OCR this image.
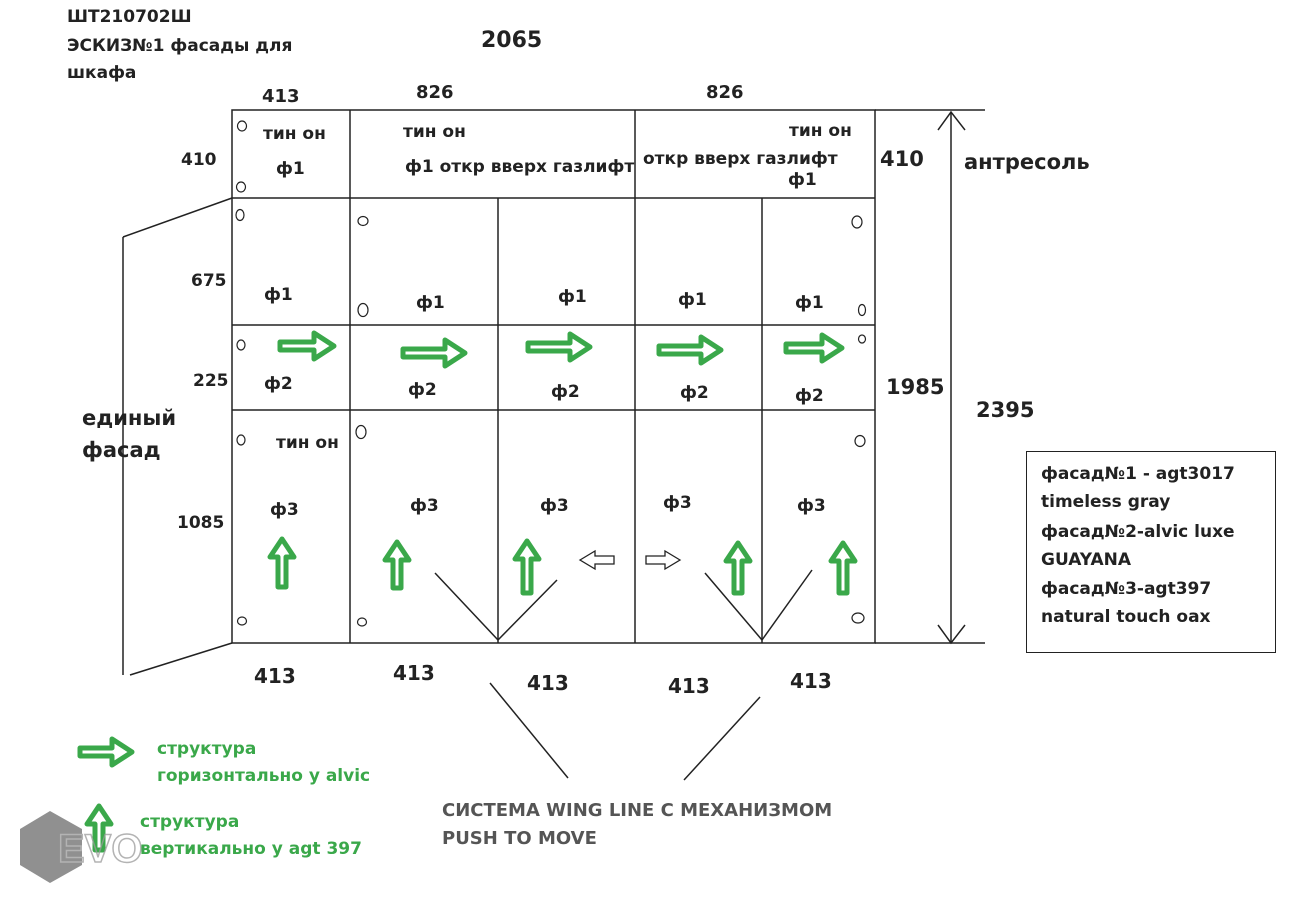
EVO
ШТ210702Ш
ЭСКИЗ№1 фасады для
шкафа
2065
413	826	826
410
675
225
1085
410 антресоль
1985
2395
единый
фасад
тин он
ф1
тин он
ф1 откр вверх газлифт
тин он
откр вверх газлифт
ф1
ф1	ф1	ф1	ф1	ф1
ф2	ф2	ф2	ф2	ф2
тин он
ф3	ф3	ф3	ф3	ф3
413	413	413	413	413
фасад№1 - agt3017
timeless gray
фасад№2-alvic luxe
GUAYANA
фасад№3-agt397
natural touch oax
структура
горизонтально у alvic
структура
вертикально у agt 397
СИСТЕМА WING LINE С МЕХАНИЗМОМ
PUSH TO MOVE
